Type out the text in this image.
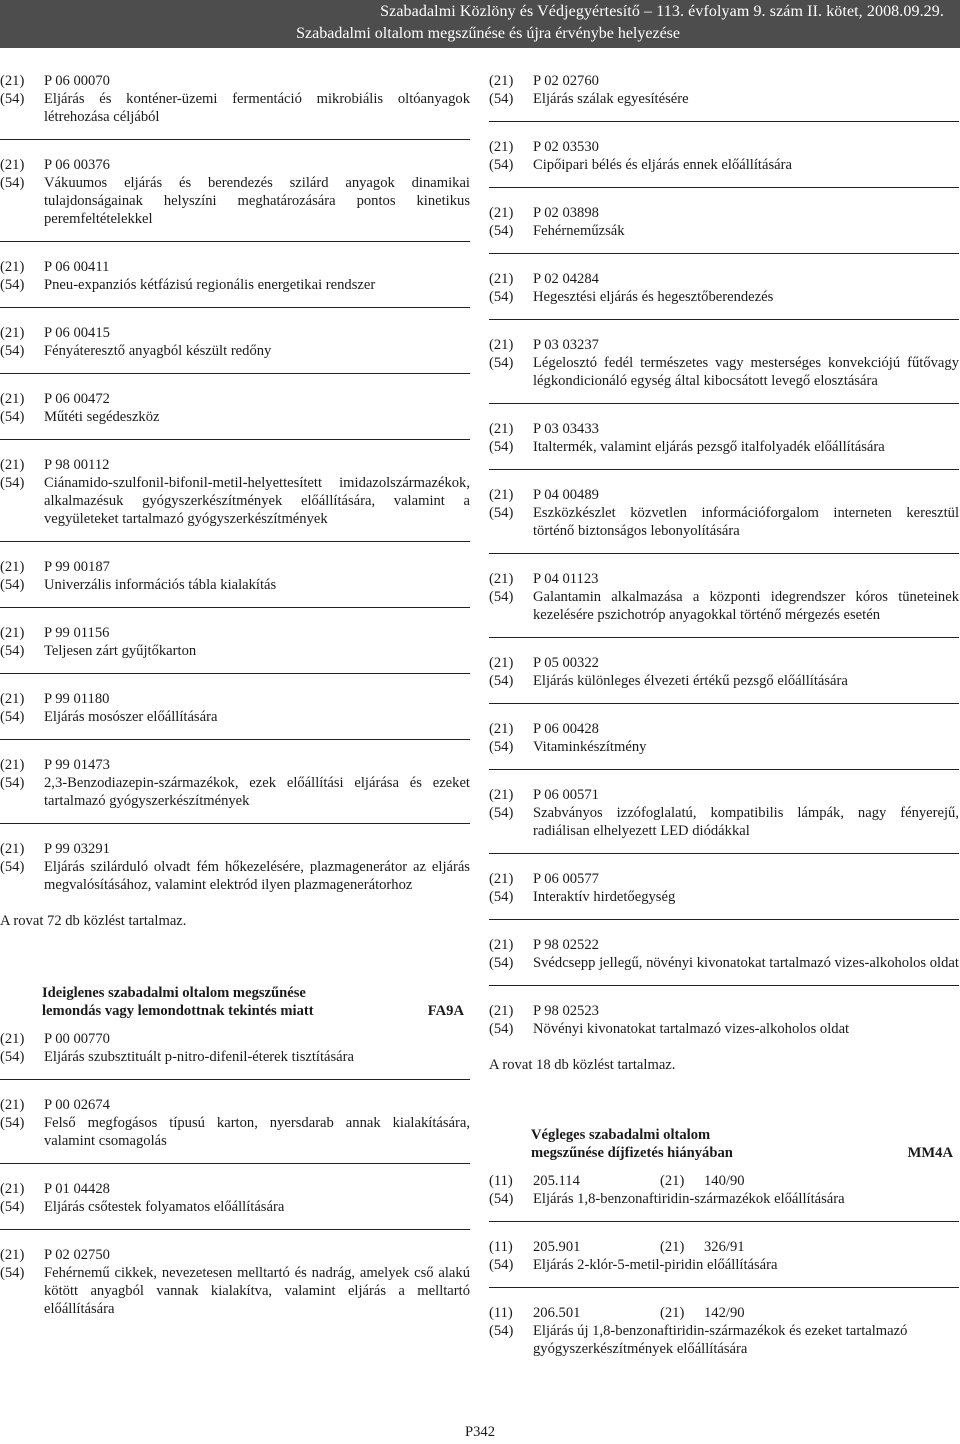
Szabadalmi Közlöny és Védjegyértesítő – 113. évfolyam 9. szám II. kötet, 2008.09.29.
Szabadalmi oltalom megszűnése és újra érvénybe helyezése
(21)	P 06 00070
(54)	Eljárás és konténer-üzemi fermentáció mikrobiális oltóanyagok létrehozása céljából
(21)	P 06 00376
(54)	Vákuumos eljárás és berendezés szilárd anyagok dinamikai tulajdonságainak helyszíni meghatározására pontos kinetikus peremfeltételekkel
(21)	P 06 00411
(54)	Pneu-expanziós kétfázisú regionális energetikai rendszer
(21)	P 06 00415
(54)	Fényáteresztő anyagból készült redőny
(21)	P 06 00472
(54)	Műtéti segédeszköz
(21)	P 98 00112
(54)	Ciánamido-szulfonil-bifonil-metil-helyettesített imidazolszármazékok, alkalmazésuk gyógyszerkészítmények előállítására, valamint a vegyületeket tartalmazó gyógyszerkészítmények
(21)	P 99 00187
(54)	Univerzális információs tábla kialakítás
(21)	P 99 01156
(54)	Teljesen zárt gyűjtőkarton
(21)	P 99 01180
(54)	Eljárás mosószer előállítására
(21)	P 99 01473
(54)	2,3-Benzodiazepin-származékok, ezek előállítási eljárása és ezeket tartalmazó gyógyszerkészítmények
(21)	P 99 03291
(54)	Eljárás szilárduló olvadt fém hőkezelésére, plazmagenerátor az eljárás megvalósításához, valamint elektród ilyen plazmagenerátorhoz
A rovat 72 db közlést tartalmaz.
Ideiglenes szabadalmi oltalom megszűnése
lemondás vagy lemondottnak tekintés miatt	FA9A
(21)	P 00 00770
(54)	Eljárás szubsztituált p-nitro-difenil-éterek tisztítására
(21)	P 00 02674
(54)	Felső megfogásos típusú karton, nyersdarab annak kialakítására, valamint csomagolás
(21)	P 01 04428
(54)	Eljárás csőtestek folyamatos előállítására
(21)	P 02 02750
(54)	Fehérnemű cikkek, nevezetesen melltartó és nadrág, amelyek cső alakú kötött anyagból vannak kialakítva, valamint eljárás a melltartó előállítására
(21)	P 02 02760
(54)	Eljárás szálak egyesítésére
(21)	P 02 03530
(54)	Cipőipari bélés és eljárás ennek előállítására
(21)	P 02 03898
(54)	Fehérneműzsák
(21)	P 02 04284
(54)	Hegesztési eljárás és hegesztőberendezés
(21)	P 03 03237
(54)	Légelosztó fedél természetes vagy mesterséges konvekciójú fűtővagy légkondicionáló egység által kibocsátott levegő elosztására
(21)	P 03 03433
(54)	Italtermék, valamint eljárás pezsgő italfolyadék előállítására
(21)	P 04 00489
(54)	Eszközkészlet közvetlen információforgalom interneten keresztül történő biztonságos lebonyolítására
(21)	P 04 01123
(54)	Galantamin alkalmazása a központi idegrendszer kóros tüneteinek kezelésére pszichotróp anyagokkal történő mérgezés esetén
(21)	P 05 00322
(54)	Eljárás különleges élvezeti értékű pezsgő előállítására
(21)	P 06 00428
(54)	Vitaminkészítmény
(21)	P 06 00571
(54)	Szabványos izzófoglalatú, kompatibilis lámpák, nagy fényerejű, radiálisan elhelyezett LED diódákkal
(21)	P 06 00577
(54)	Interaktív hirdetőegység
(21)	P 98 02522
(54)	Svédcsepp jellegű, növényi kivonatokat tartalmazó vizes-alkoholos oldat
(21)	P 98 02523
(54)	Növényi kivonatokat tartalmazó vizes-alkoholos oldat
A rovat 18 db közlést tartalmaz.
Végleges szabadalmi oltalom
megszűnése díjfizetés hiányában	MM4A
(11)	205.114	(21)	140/90
(54)	Eljárás 1,8-benzonaftiridin-származékok előállítására
(11)	205.901	(21)	326/91
(54)	Eljárás 2-klór-5-metil-piridin előállítására
(11)	206.501	(21)	142/90
(54)	Eljárás új 1,8-benzonaftiridin-származékok és ezeket tartalmazó gyógyszerkészítmények előállítására
P342
